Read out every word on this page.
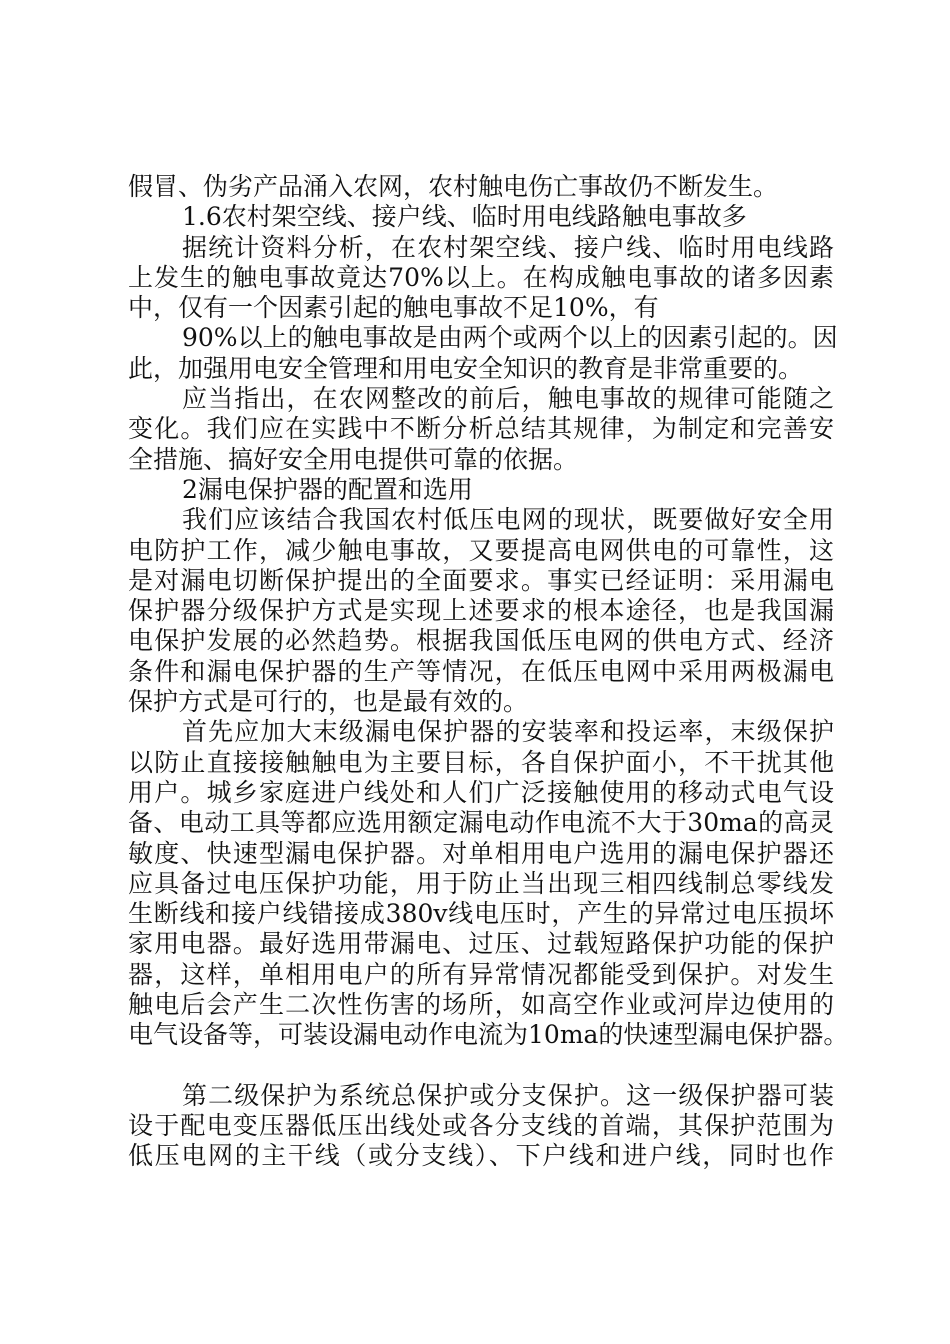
假冒、伪劣产品涌入农网，农村触电伤亡事故仍不断发生。
1.6农村架空线、接户线、临时用电线路触电事故多
据统计资料分析，在农村架空线、接户线、临时用电线路
上发生的触电事故竟达70%以上。在构成触电事故的诸多因素
中，仅有一个因素引起的触电事故不足10%，有
90%以上的触电事故是由两个或两个以上的因素引起的。因
此，加强用电安全管理和用电安全知识的教育是非常重要的。
应当指出，在农网整改的前后，触电事故的规律可能随之
变化。我们应在实践中不断分析总结其规律，为制定和完善安
全措施、搞好安全用电提供可靠的依据。
2漏电保护器的配置和选用
我们应该结合我国农村低压电网的现状，既要做好安全用
电防护工作，减少触电事故，又要提高电网供电的可靠性，这
是对漏电切断保护提出的全面要求。事实已经证明：采用漏电
保护器分级保护方式是实现上述要求的根本途径，也是我国漏
电保护发展的必然趋势。根据我国低压电网的供电方式、经济
条件和漏电保护器的生产等情况，在低压电网中采用两极漏电
保护方式是可行的，也是最有效的。
首先应加大末级漏电保护器的安装率和投运率，末级保护
以防止直接接触触电为主要目标，各自保护面小，不干扰其他
用户。城乡家庭进户线处和人们广泛接触使用的移动式电气设
备、电动工具等都应选用额定漏电动作电流不大于30ma的高灵
敏度、快速型漏电保护器。对单相用电户选用的漏电保护器还
应具备过电压保护功能，用于防止当出现三相四线制总零线发
生断线和接户线错接成380v线电压时，产生的异常过电压损坏
家用电器。最好选用带漏电、过压、过载短路保护功能的保护
器，这样，单相用电户的所有异常情况都能受到保护。对发生
触电后会产生二次性伤害的场所，如高空作业或河岸边使用的
电气设备等，可装设漏电动作电流为10ma的快速型漏电保护器。
第二级保护为系统总保护或分支保护。这一级保护器可装
设于配电变压器低压出线处或各分支线的首端，其保护范围为
低压电网的主干线（或分支线）、下户线和进户线，同时也作
